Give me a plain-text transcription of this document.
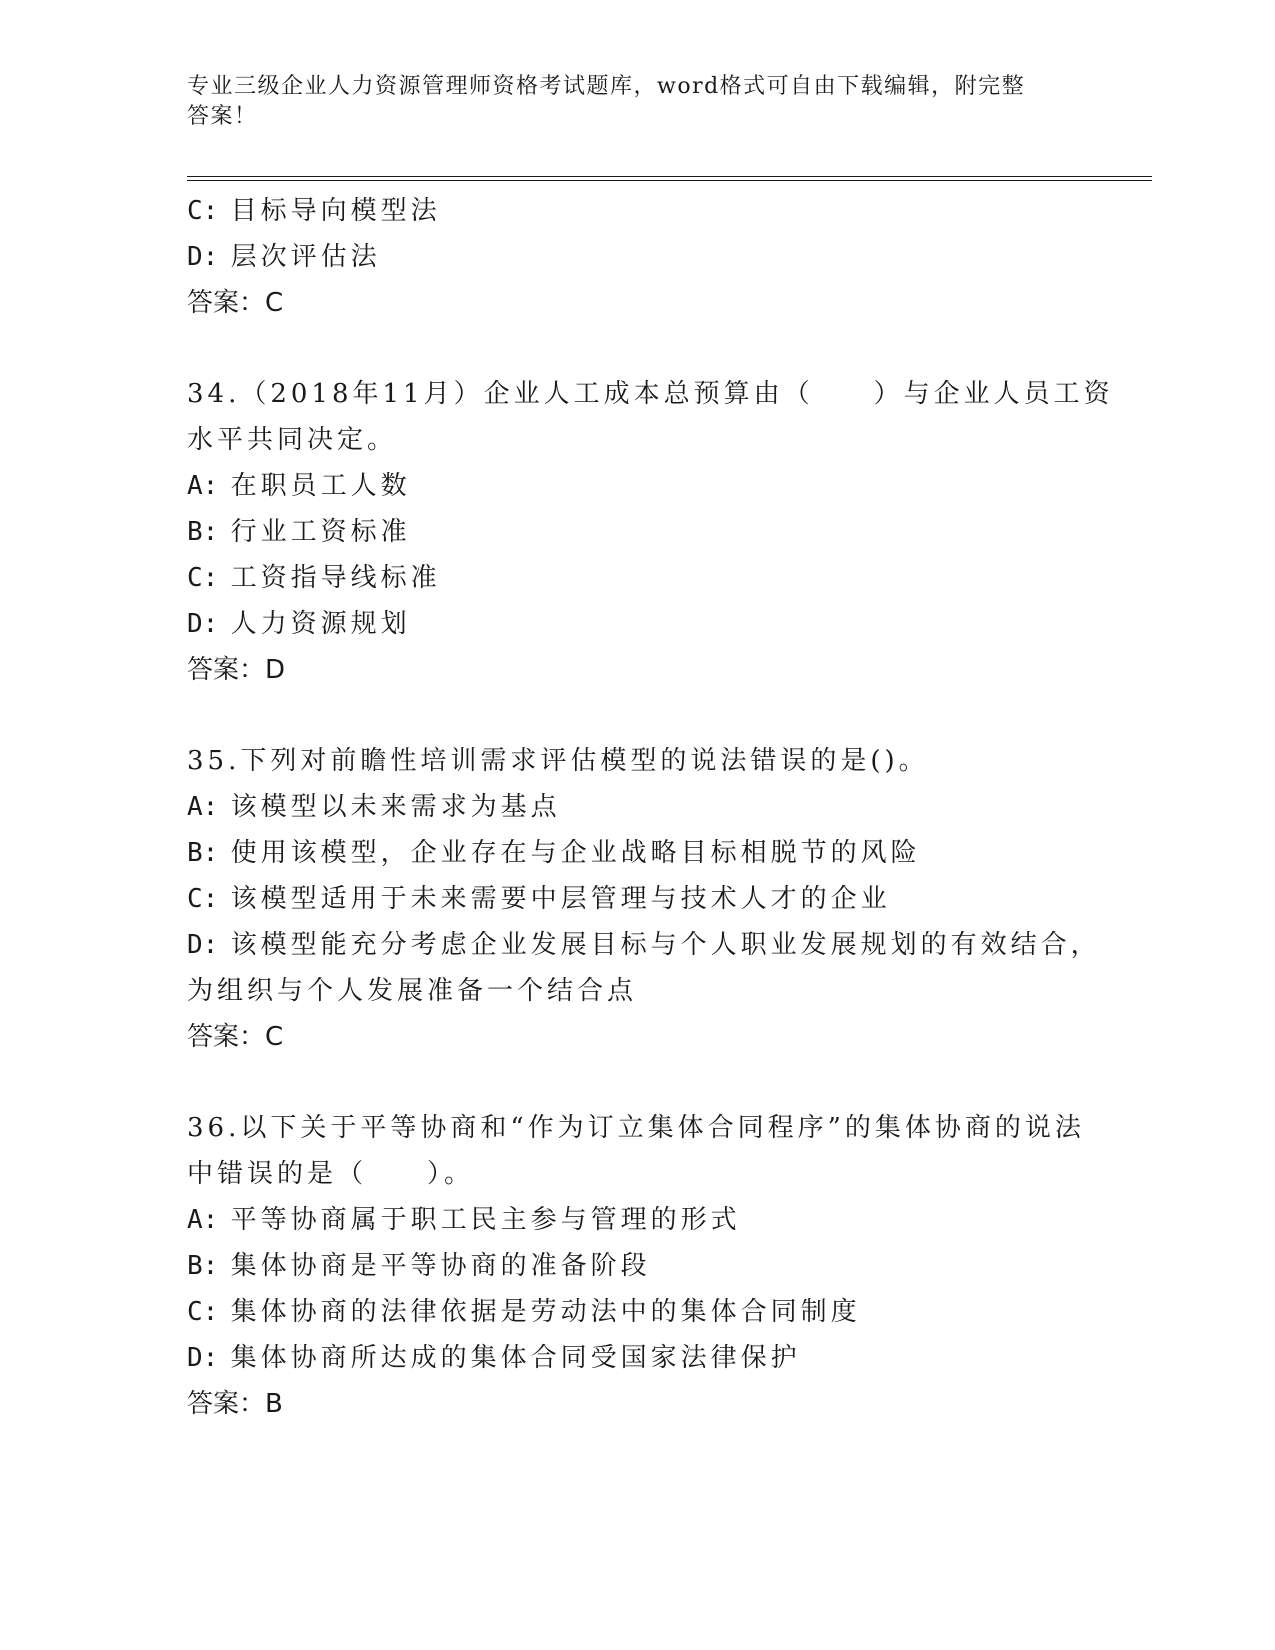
专业三级企业人力资源管理师资格考试题库，word格式可自由下载编辑，附完整
答案！
C: 目标导向模型法
D: 层次评估法
答案：C
34.（2018年11月）企业人工成本总预算由（　　）与企业人员工资
水平共同决定。
A: 在职员工人数
B: 行业工资标准
C: 工资指导线标准
D: 人力资源规划
答案：D
35.下列对前瞻性培训需求评估模型的说法错误的是()。
A: 该模型以未来需求为基点
B: 使用该模型，企业存在与企业战略目标相脱节的风险
C: 该模型适用于未来需要中层管理与技术人才的企业
D: 该模型能充分考虑企业发展目标与个人职业发展规划的有效结合，
为组织与个人发展准备一个结合点
答案：C
36.以下关于平等协商和“作为订立集体合同程序”的集体协商的说法
中错误的是（　　）。
A: 平等协商属于职工民主参与管理的形式
B: 集体协商是平等协商的准备阶段
C: 集体协商的法律依据是劳动法中的集体合同制度
D: 集体协商所达成的集体合同受国家法律保护
答案：B
